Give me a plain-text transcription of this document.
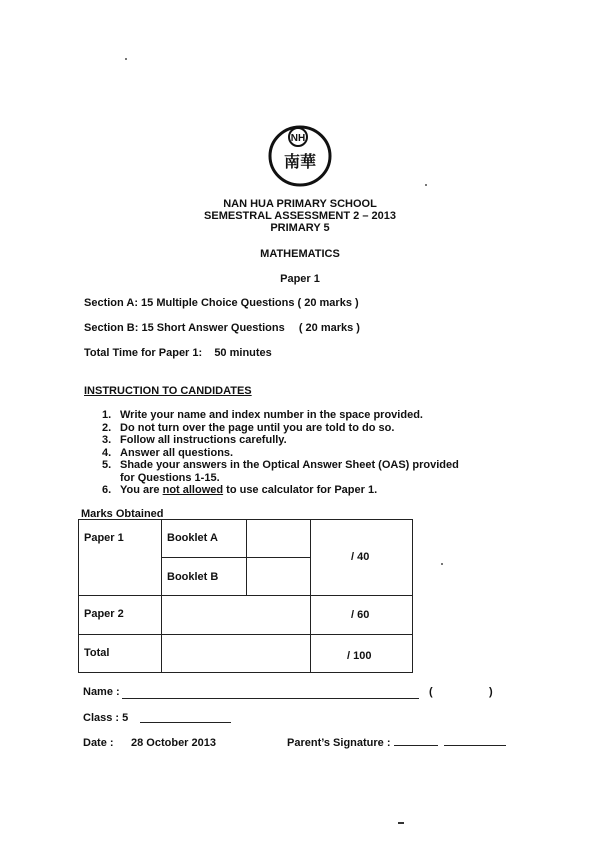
NH
南華
NAN HUA PRIMARY SCHOOL
SEMESTRAL ASSESSMENT 2 – 2013
PRIMARY 5
MATHEMATICS
Paper 1
Section A: 15 Multiple Choice Questions ( 20 marks )
Section B: 15 Short Answer Questions ( 20 marks )
Total Time for Paper 1: 50 minutes
INSTRUCTION TO CANDIDATES
1. Write your name and index number in the space provided.
2. Do not turn over the page until you are told to do so.
3. Follow all instructions carefully.
4. Answer all questions.
5. Shade your answers in the Optical Answer Sheet (OAS) provided
for Questions 1-15.
6. You are not allowed to use calculator for Paper 1.
Marks Obtained
Paper 1	Booklet A		/ 40

	Booklet B		

Paper 2			/ 60

Total			/ 100
Name :	(	)
Class : 5
Date : 28 October 2013	Parent’s Signature :
